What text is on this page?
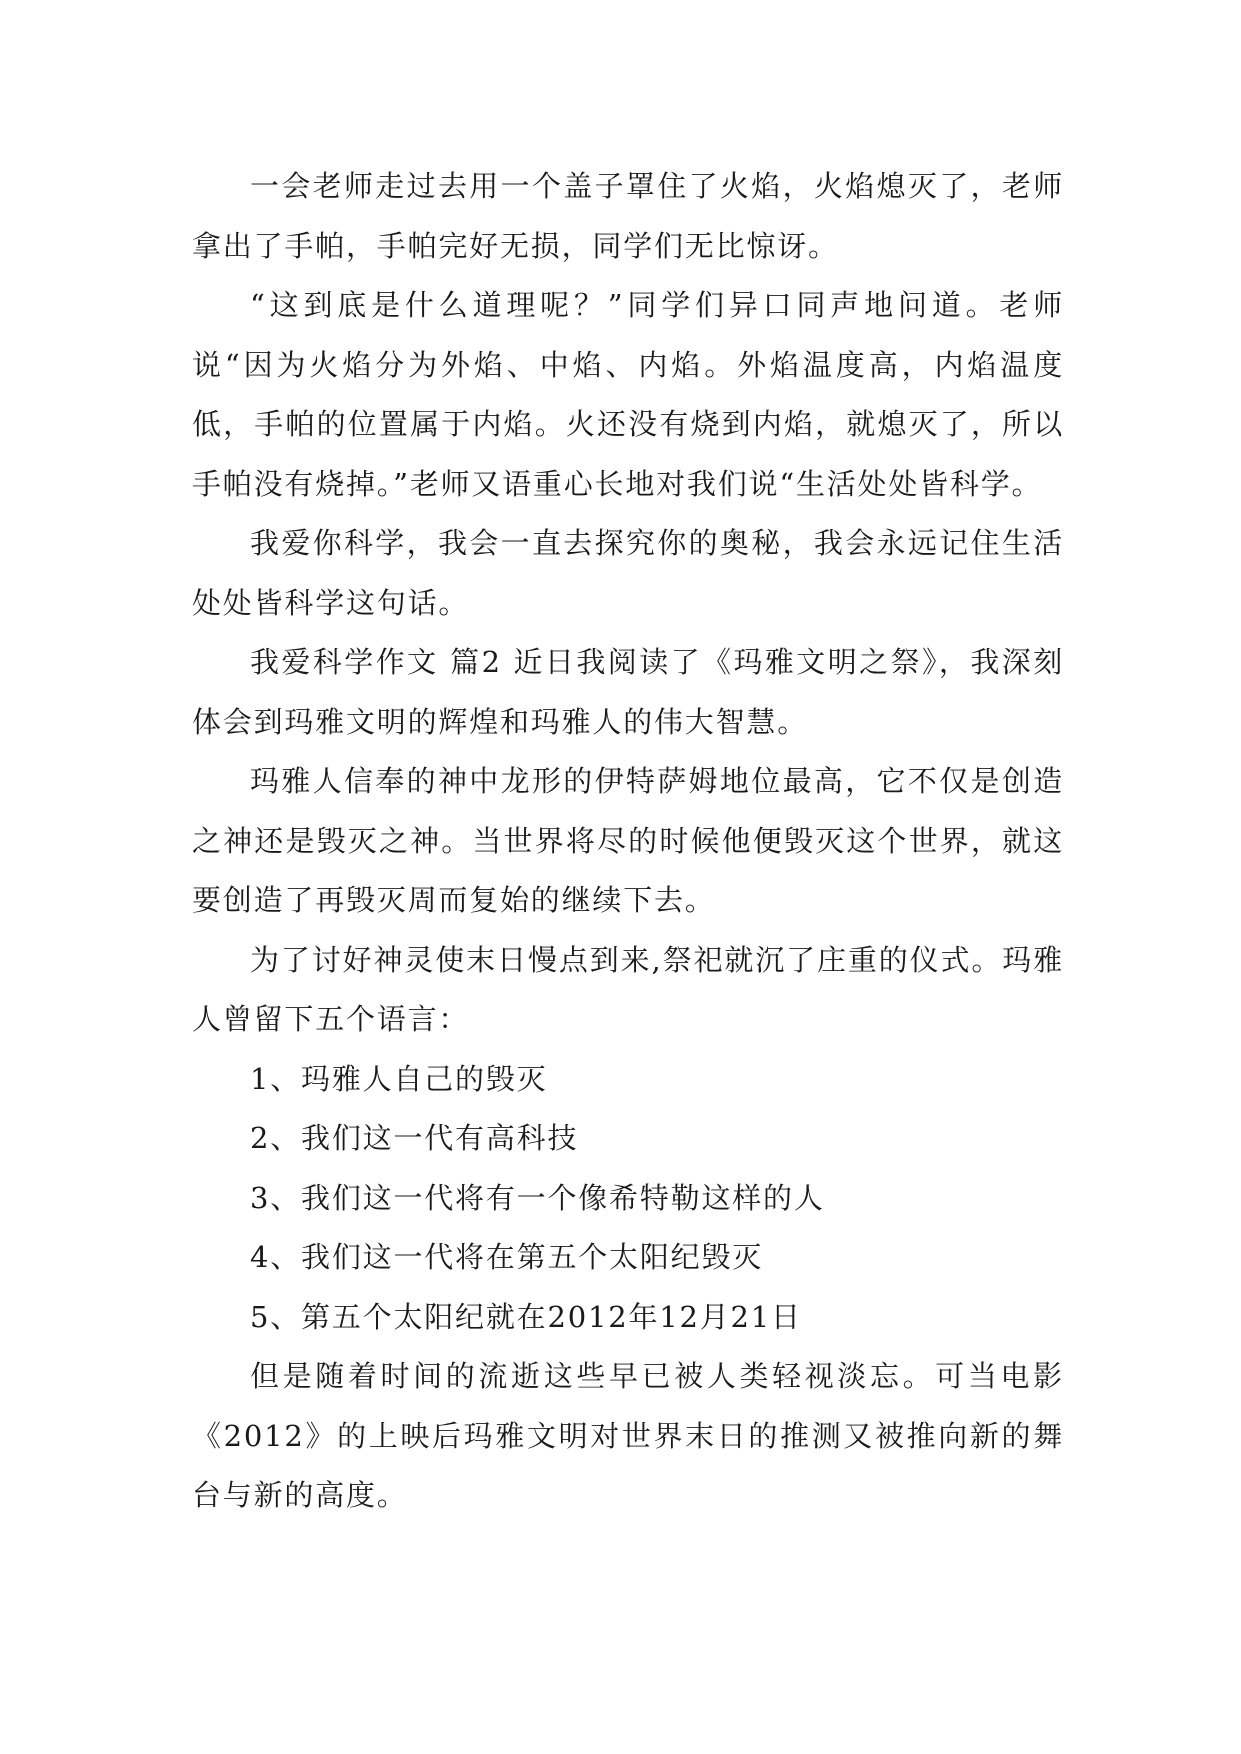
一会老师走过去用一个盖子罩住了火焰，火焰熄灭了，老师拿出了手帕，手帕完好无损，同学们无比惊讶。

“这到底是什么道理呢？”同学们异口同声地问道。老师说“因为火焰分为外焰、中焰、内焰。外焰温度高，内焰温度低，手帕的位置属于内焰。火还没有烧到内焰，就熄灭了，所以手帕没有烧掉。”老师又语重心长地对我们说“生活处处皆科学。

我爱你科学，我会一直去探究你的奥秘，我会永远记住生活处处皆科学这句话。

我爱科学作文 篇2 近日我阅读了《玛雅文明之祭》，我深刻体会到玛雅文明的辉煌和玛雅人的伟大智慧。

玛雅人信奉的神中龙形的伊特萨姆地位最高，它不仅是创造之神还是毁灭之神。当世界将尽的时候他便毁灭这个世界，就这要创造了再毁灭周而复始的继续下去。

为了讨好神灵使末日慢点到来,祭祀就沉了庄重的仪式。玛雅人曾留下五个语言：

1、玛雅人自己的毁灭

2、我们这一代有高科技

3、我们这一代将有一个像希特勒这样的人

4、我们这一代将在第五个太阳纪毁灭

5、第五个太阳纪就在2012年12月21日

但是随着时间的流逝这些早已被人类轻视淡忘。可当电影《2012》的上映后玛雅文明对世界末日的推测又被推向新的舞台与新的高度。
